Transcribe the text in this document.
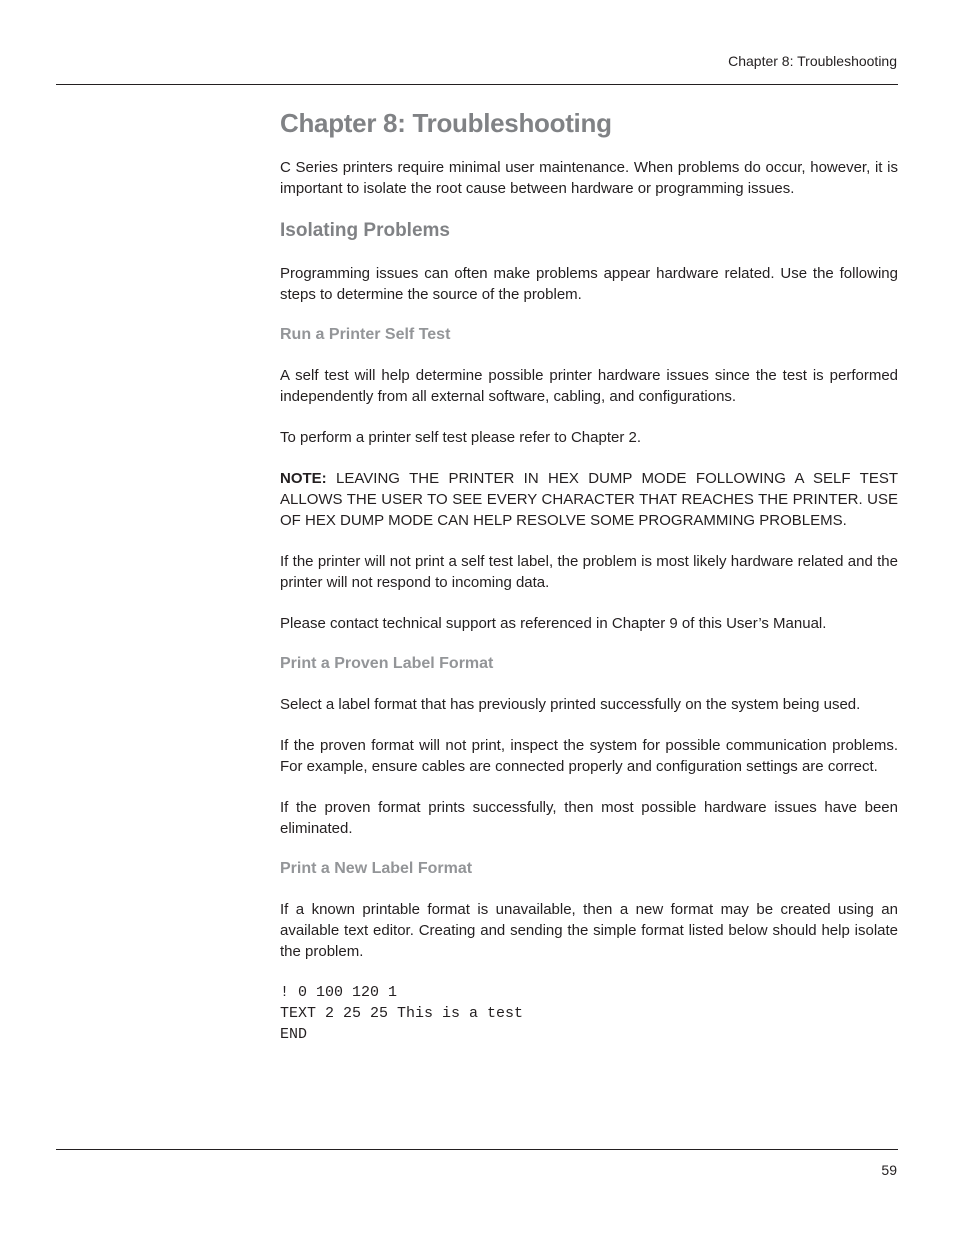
Chapter 8: Troubleshooting
Chapter 8: Troubleshooting

C Series printers require minimal user maintenance. When problems do occur, however, it is important to isolate the root cause between hardware or programming issues.

Isolating Problems

Programming issues can often make problems appear hardware related. Use the following steps to determine the source of the problem.

Run a Printer Self Test

A self test will help determine possible printer hardware issues since the test is performed independently from all external software, cabling, and configurations.

To perform a printer self test please refer to Chapter 2.

NOTE: LEAVING THE PRINTER IN HEX DUMP MODE FOLLOWING A SELF TEST ALLOWS THE USER TO SEE EVERY CHARACTER THAT REACHES THE PRINTER. USE OF HEX DUMP MODE CAN HELP RESOLVE SOME PROGRAMMING PROBLEMS.

If the printer will not print a self test label, the problem is most likely hardware related and the printer will not respond to incoming data.

Please contact technical support as referenced in Chapter 9 of this User’s Manual.

Print a Proven Label Format

Select a label format that has previously printed successfully on the system being used.

If the proven format will not print, inspect the system for possible communication problems. For example, ensure cables are connected properly and configuration settings are correct.

If the proven format prints successfully, then most possible hardware issues have been eliminated.

Print a New Label Format

If a known printable format is unavailable, then a new format may be created using an available text editor. Creating and sending the simple format listed below should help isolate the problem.

! 0 100 120 1
TEXT 2 25 25 This is a test
END
59
